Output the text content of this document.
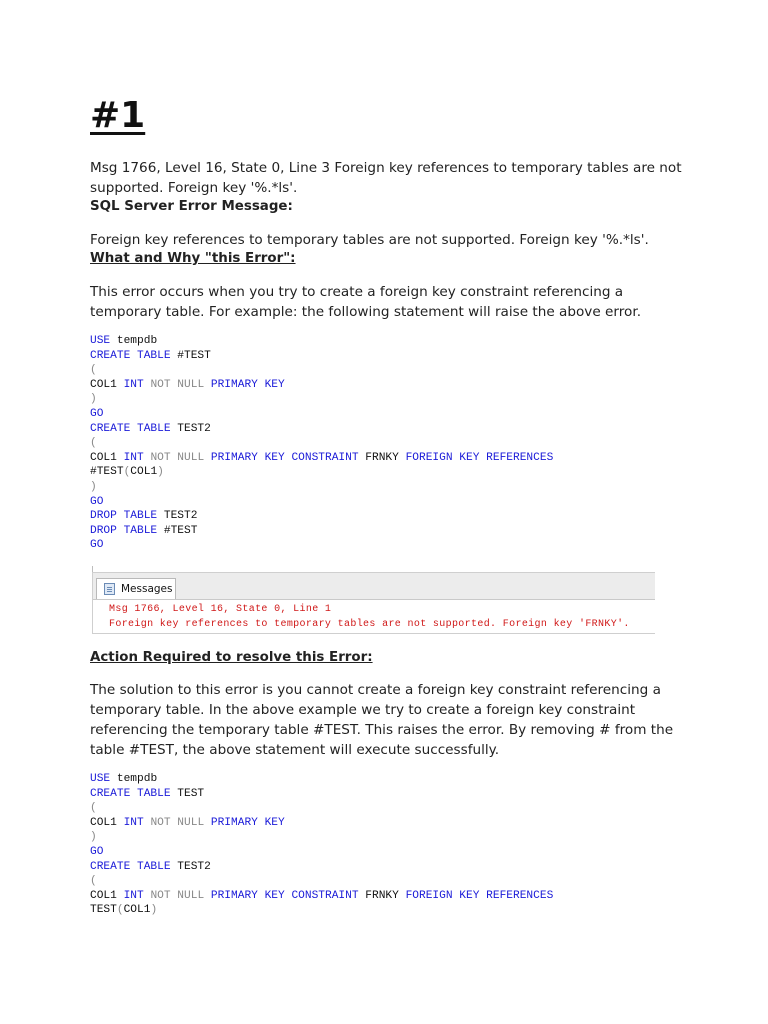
#1

Msg 1766, Level 16, State 0, Line 3 Foreign key references to temporary tables are not supported. Foreign key '%.*ls'.

SQL Server Error Message:

Foreign key references to temporary tables are not supported. Foreign key '%.*ls'.

What and Why "this Error":

This error occurs when you try to create a foreign key constraint referencing a temporary table. For example: the following statement will raise the above error.

USE tempdb
CREATE TABLE #TEST
(
COL1 INT NOT NULL PRIMARY KEY
)
GO
CREATE TABLE TEST2
(
COL1 INT NOT NULL PRIMARY KEY CONSTRAINT FRNKY FOREIGN KEY REFERENCES
#TEST(COL1)
)
GO
DROP TABLE TEST2
DROP TABLE #TEST
GO
Messages
Msg 1766, Level 16, State 0, Line 1
Foreign key references to temporary tables are not supported. Foreign key 'FRNKY'.

Action Required to resolve this Error:

The solution to this error is you cannot create a foreign key constraint referencing a temporary table. In the above example we try to create a foreign key constraint referencing the temporary table #TEST. This raises the error. By removing # from the table #TEST, the above statement will execute successfully.

USE tempdb
CREATE TABLE TEST
(
COL1 INT NOT NULL PRIMARY KEY
)
GO
CREATE TABLE TEST2
(
COL1 INT NOT NULL PRIMARY KEY CONSTRAINT FRNKY FOREIGN KEY REFERENCES
TEST(COL1)
